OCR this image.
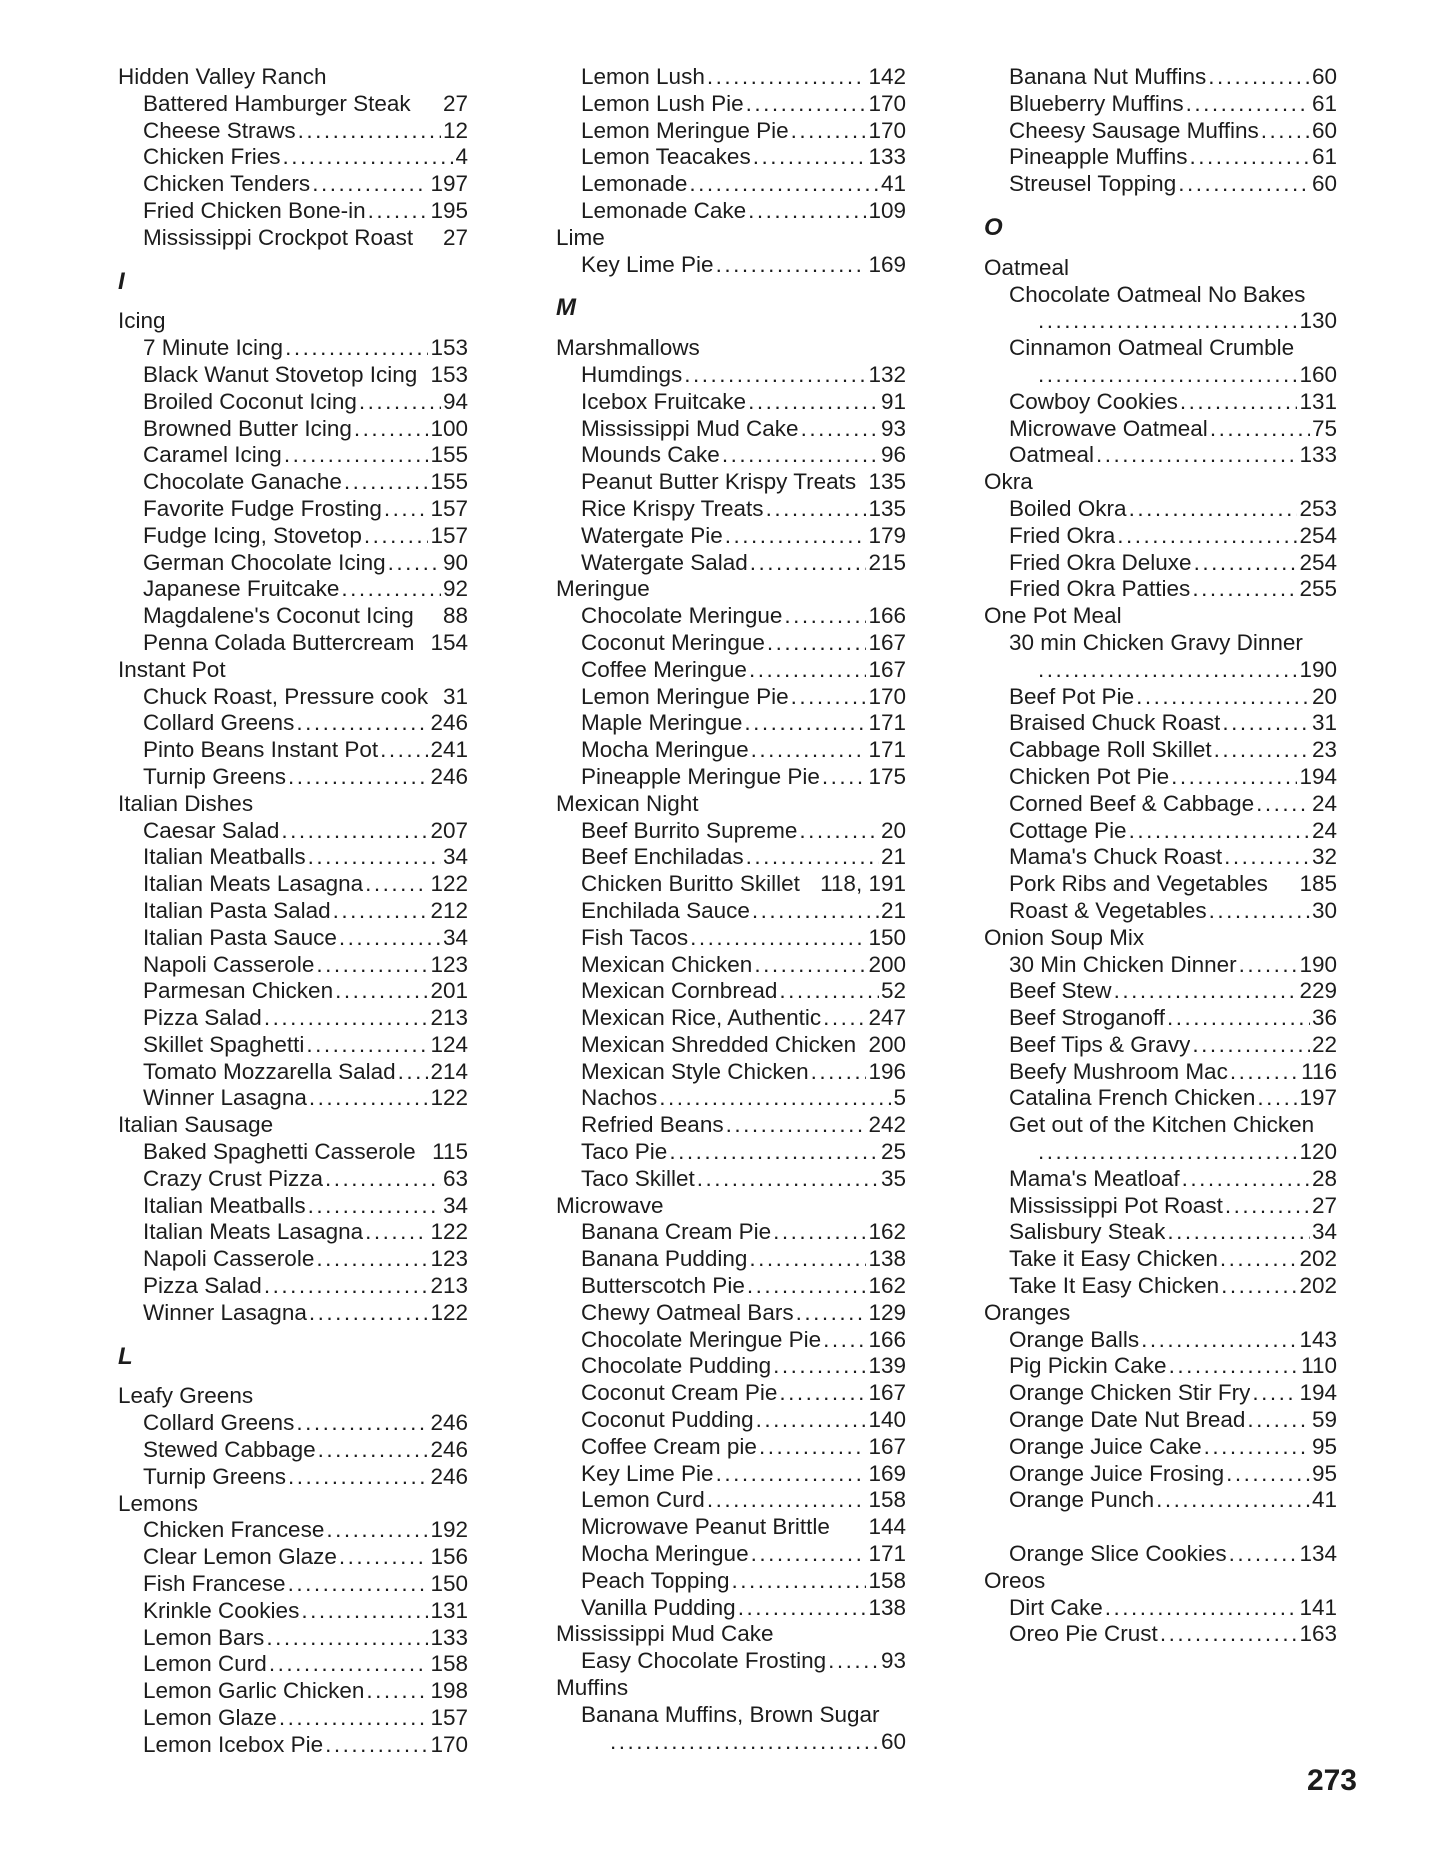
Hidden Valley Ranch
Battered Hamburger Steak 27
Cheese Straws .....	12
Chicken Fries .....	4
Chicken Tenders .....	197
Fried Chicken Bone-in .....	195
Mississippi Crockpot Roast 27
I
Icing
7 Minute Icing .....	153
Black Wanut Stovetop Icing 153
Broiled Coconut Icing .....	94
Browned Butter Icing .....	100
Caramel Icing .....	155
Chocolate Ganache .....	155
Favorite Fudge Frosting ..... 157
Fudge Icing, Stovetop .....	157
German Chocolate Icing .....	90
Japanese Fruitcake .....	92
Magdalene's Coconut Icing 88
Penna Colada Buttercream 154
Instant Pot
Chuck Roast, Pressure cook 31
Collard Greens .....	246
Pinto Beans Instant Pot ..... 241
Turnip Greens .....	246
Italian Dishes
Caesar Salad .....	207
Italian Meatballs .....	34
Italian Meats Lasagna .....	122
Italian Pasta Salad .....	212
Italian Pasta Sauce .....	34
Napoli Casserole .....	123
Parmesan Chicken .....	201
Pizza Salad .....	213
Skillet Spaghetti .....	124
Tomato Mozzarella Salad ..... 214
Winner Lasagna .....	122
Italian Sausage
Baked Spaghetti Casserole 115
Crazy Crust Pizza .....	63
Italian Meatballs .....	34
Italian Meats Lasagna .....	122
Napoli Casserole .....	123
Pizza Salad .....	213
Winner Lasagna .....	122
L
Leafy Greens
Collard Greens .....	246
Stewed Cabbage .....	246
Turnip Greens .....	246
Lemons
Chicken Francese .....	192
Clear Lemon Glaze .....	156
Fish Francese .....	150
Krinkle Cookies .....	131
Lemon Bars .....	133
Lemon Curd .....	158
Lemon Garlic Chicken .....	198
Lemon Glaze .....	157
Lemon Icebox Pie .....	170
Lemon Lush .....	142
Lemon Lush Pie .....	170
Lemon Meringue Pie .....	170
Lemon Teacakes .....	133
Lemonade .....	41
Lemonade Cake .....	109
Lime
Key Lime Pie .....	169
M
Marshmallows
Humdings .....	132
Icebox Fruitcake .....	91
Mississippi Mud Cake .....	93
Mounds Cake .....	96
Peanut Butter Krispy Treats 135
Rice Krispy Treats .....	135
Watergate Pie .....	179
Watergate Salad .....	215
Meringue
Chocolate Meringue .....	166
Coconut Meringue .....	167
Coffee Meringue .....	167
Lemon Meringue Pie .....	170
Maple Meringue .....	171
Mocha Meringue .....	171
Pineapple Meringue Pie ..... 175
Mexican Night
Beef Burrito Supreme .....	20
Beef Enchiladas .....	21
Chicken Buritto Skillet 118, 191
Enchilada Sauce .....	21
Fish Tacos .....	150
Mexican Chicken .....	200
Mexican Cornbread .....	52
Mexican Rice, Authentic ..... 247
Mexican Shredded Chicken 200
Mexican Style Chicken .....	196
Nachos .....	5
Refried Beans .....	242
Taco Pie .....	25
Taco Skillet .....	35
Microwave
Banana Cream Pie .....	162
Banana Pudding .....	138
Butterscotch Pie .....	162
Chewy Oatmeal Bars .....	129
Chocolate Meringue Pie ..... 166
Chocolate Pudding .....	139
Coconut Cream Pie .....	167
Coconut Pudding .....	140
Coffee Cream pie .....	167
Key Lime Pie .....	169
Lemon Curd .....	158
Microwave Peanut Brittle 144
Mocha Meringue .....	171
Peach Topping .....	158
Vanilla Pudding .....	138
Mississippi Mud Cake
Easy Chocolate Frosting ..... 93
Muffins
Banana Muffins, Brown Sugar
.....
60
Banana Nut Muffins .....	60
Blueberry Muffins .....	61
Cheesy Sausage Muffins ..... 60
Pineapple Muffins .....	61
Streusel Topping .....	60
O
Oatmeal
Chocolate Oatmeal No Bakes
.....
130
Cinnamon Oatmeal Crumble
.....
160
Cowboy Cookies .....	131
Microwave Oatmeal .....	75
Oatmeal .....	133
Okra
Boiled Okra .....	253
Fried Okra .....	254
Fried Okra Deluxe .....	254
Fried Okra Patties .....	255
One Pot Meal
30 min Chicken Gravy Dinner
.....
190
Beef Pot Pie .....	20
Braised Chuck Roast .....	31
Cabbage Roll Skillet .....	23
Chicken Pot Pie .....	194
Corned Beef & Cabbage .....	24
Cottage Pie .....	24
Mama's Chuck Roast .....	32
Pork Ribs and Vegetables 185
Roast & Vegetables .....	30
Onion Soup Mix
30 Min Chicken Dinner .....	190
Beef Stew .....	229
Beef Stroganoff .....	36
Beef Tips & Gravy .....	22
Beefy Mushroom Mac .....	116
Catalina French Chicken ..... 197
Get out of the Kitchen Chicken
.....
120
Mama's Meatloaf .....	28
Mississippi Pot Roast .....	27
Salisbury Steak .....	34
Take it Easy Chicken .....	202
Take It Easy Chicken .....	202
Oranges
Orange Balls .....	143
Pig Pickin Cake .....	110
Orange Chicken Stir Fry ..... 194
Orange Date Nut Bread .....	59
Orange Juice Cake .....	95
Orange Juice Frosing .....	95
Orange Punch .....	41
Orange Slice Cookies .....	134
Oreos
Dirt Cake .....	141
Oreo Pie Crust .....	163
273
